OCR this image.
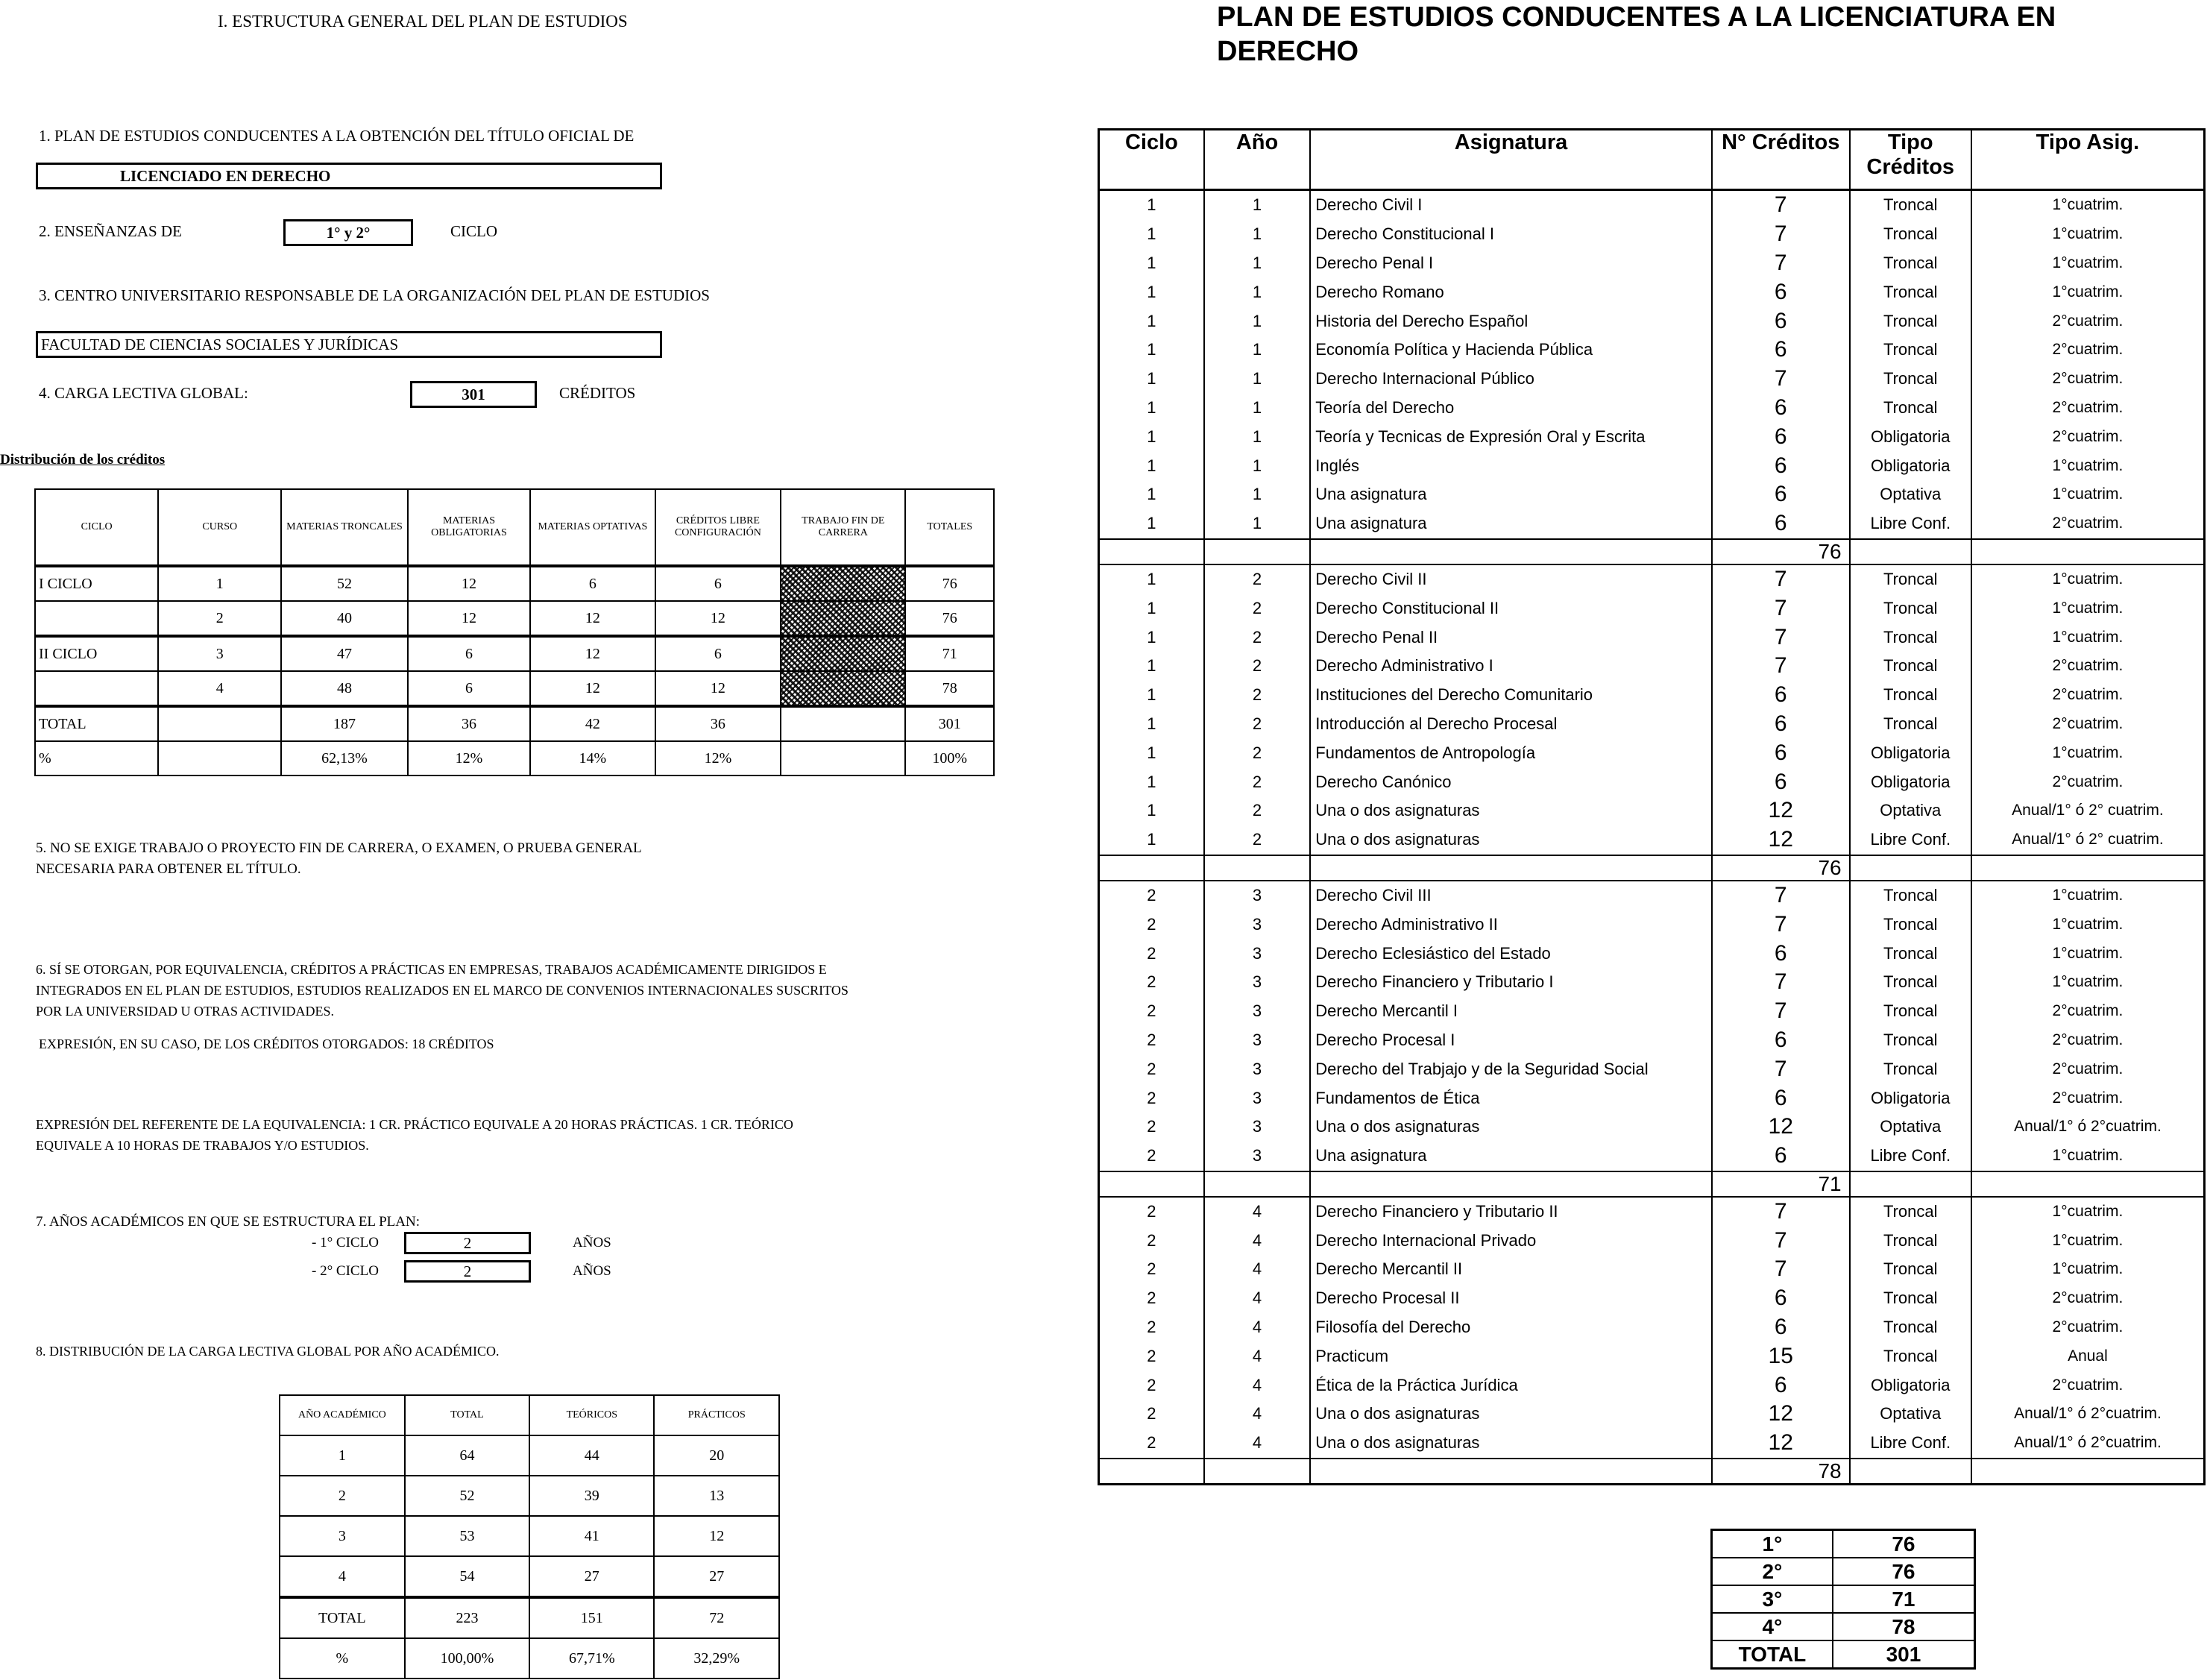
I. ESTRUCTURA GENERAL DEL PLAN DE ESTUDIOS
1. PLAN DE ESTUDIOS CONDUCENTES A LA OBTENCIÓN DEL TÍTULO OFICIAL DE
LICENCIADO EN DERECHO
2. ENSEÑANZAS DE	1° y 2°	CICLO
3. CENTRO UNIVERSITARIO RESPONSABLE DE LA ORGANIZACIÓN DEL PLAN DE ESTUDIOS
FACULTAD DE CIENCIAS SOCIALES Y JURÍDICAS
4. CARGA LECTIVA GLOBAL:	301	CRÉDITOS
Distribución de los créditos
CICLO	CURSO	MATERIAS TRONCALES	MATERIAS OBLIGATORIAS	MATERIAS OPTATIVAS	CRÉDITOS LIBRE CONFIGURACIÓN	TRABAJO FIN DE CARRERA	TOTALES
I CICLO	1	52	12	6	6		76
	2	40	12	12	12		76
II CICLO	3	47	6	12	6		71
	4	48	6	12	12		78
TOTAL		187	36	42	36		301
%		62,13%	12%	14%	12%		100%
5. NO SE EXIGE TRABAJO O PROYECTO FIN DE CARRERA, O EXAMEN, O PRUEBA GENERAL
NECESARIA PARA OBTENER EL TÍTULO.
6. SÍ SE OTORGAN, POR EQUIVALENCIA, CRÉDITOS A PRÁCTICAS EN EMPRESAS, TRABAJOS ACADÉMICAMENTE DIRIGIDOS E
INTEGRADOS EN EL PLAN DE ESTUDIOS, ESTUDIOS REALIZADOS EN EL MARCO DE CONVENIOS INTERNACIONALES SUSCRITOS
POR LA UNIVERSIDAD U OTRAS ACTIVIDADES.
EXPRESIÓN, EN SU CASO, DE LOS CRÉDITOS OTORGADOS: 18 CRÉDITOS
EXPRESIÓN DEL REFERENTE DE LA EQUIVALENCIA: 1 CR. PRÁCTICO EQUIVALE A 20 HORAS PRÁCTICAS. 1 CR. TEÓRICO
EQUIVALE A 10 HORAS DE TRABAJOS Y/O ESTUDIOS.
7. AÑOS ACADÉMICOS EN QUE SE ESTRUCTURA EL PLAN:
- 1° CICLO	2	AÑOS
- 2° CICLO	2	AÑOS
8. DISTRIBUCIÓN DE LA CARGA LECTIVA GLOBAL POR AÑO ACADÉMICO.
AÑO ACADÉMICO	TOTAL	TEÓRICOS	PRÁCTICOS
1	64	44	20
2	52	39	13
3	53	41	12
4	54	27	27
TOTAL	223	151	72
%	100,00%	67,71%	32,29%
PLAN DE ESTUDIOS CONDUCENTES A LA LICENCIATURA EN
DERECHO
Ciclo	Año	Asignatura	N° Créditos	Tipo Créditos	Tipo Asig.
1	1	Derecho Civil I	7	Troncal	1°cuatrim.
1	1	Derecho Constitucional I	7	Troncal	1°cuatrim.
1	1	Derecho Penal I	7	Troncal	1°cuatrim.
1	1	Derecho Romano	6	Troncal	1°cuatrim.
1	1	Historia del Derecho Español	6	Troncal	2°cuatrim.
1	1	Economía Política y Hacienda Pública	6	Troncal	2°cuatrim.
1	1	Derecho Internacional Público	7	Troncal	2°cuatrim.
1	1	Teoría del Derecho	6	Troncal	2°cuatrim.
1	1	Teoría y Tecnicas de Expresión Oral y Escrita	6	Obligatoria	2°cuatrim.
1	1	Inglés	6	Obligatoria	1°cuatrim.
1	1	Una asignatura	6	Optativa	1°cuatrim.
1	1	Una asignatura	6	Libre Conf.	2°cuatrim.
			76		
1	2	Derecho Civil II	7	Troncal	1°cuatrim.
1	2	Derecho Constitucional II	7	Troncal	1°cuatrim.
1	2	Derecho Penal II	7	Troncal	1°cuatrim.
1	2	Derecho Administrativo I	7	Troncal	2°cuatrim.
1	2	Instituciones del Derecho Comunitario	6	Troncal	2°cuatrim.
1	2	Introducción al Derecho Procesal	6	Troncal	2°cuatrim.
1	2	Fundamentos de Antropología	6	Obligatoria	1°cuatrim.
1	2	Derecho Canónico	6	Obligatoria	2°cuatrim.
1	2	Una o dos asignaturas	12	Optativa	Anual/1° ó 2° cuatrim.
1	2	Una o dos asignaturas	12	Libre Conf.	Anual/1° ó 2° cuatrim.
			76		
2	3	Derecho Civil III	7	Troncal	1°cuatrim.
2	3	Derecho Administrativo II	7	Troncal	1°cuatrim.
2	3	Derecho Eclesiástico del Estado	6	Troncal	1°cuatrim.
2	3	Derecho Financiero y Tributario I	7	Troncal	1°cuatrim.
2	3	Derecho Mercantil I	7	Troncal	2°cuatrim.
2	3	Derecho Procesal I	6	Troncal	2°cuatrim.
2	3	Derecho del Trabjajo y de la Seguridad Social	7	Troncal	2°cuatrim.
2	3	Fundamentos de Ética	6	Obligatoria	2°cuatrim.
2	3	Una o dos asignaturas	12	Optativa	Anual/1° ó 2°cuatrim.
2	3	Una asignatura	6	Libre Conf.	1°cuatrim.
			71		
2	4	Derecho Financiero y Tributario II	7	Troncal	1°cuatrim.
2	4	Derecho Internacional Privado	7	Troncal	1°cuatrim.
2	4	Derecho Mercantil II	7	Troncal	1°cuatrim.
2	4	Derecho Procesal II	6	Troncal	2°cuatrim.
2	4	Filosofía del Derecho	6	Troncal	2°cuatrim.
2	4	Practicum	15	Troncal	Anual
2	4	Ética de la Práctica Jurídica	6	Obligatoria	2°cuatrim.
2	4	Una o dos asignaturas	12	Optativa	Anual/1° ó 2°cuatrim.
2	4	Una o dos asignaturas	12	Libre Conf.	Anual/1° ó 2°cuatrim.
			78		
1°	76
2°	76
3°	71
4°	78
TOTAL	301
